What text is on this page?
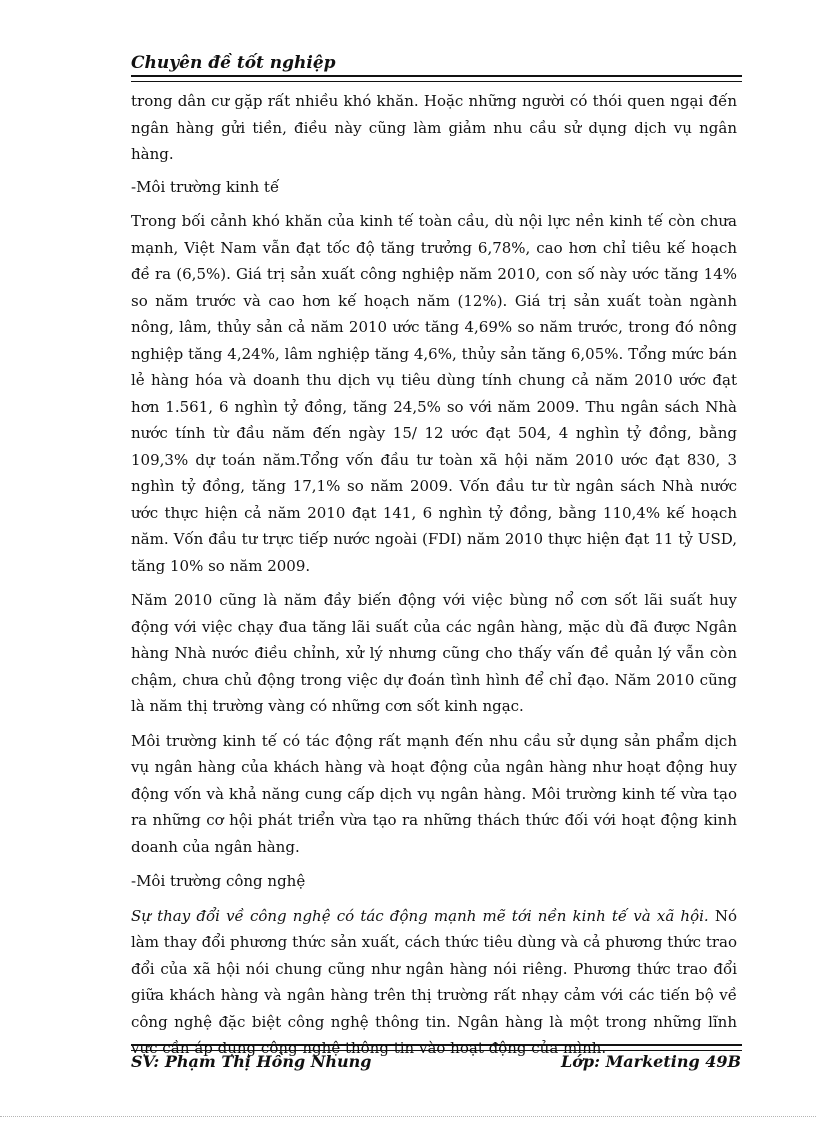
Chuyên đề tốt nghiệp

trong dân cư gặp rất nhiều khó khăn. Hoặc những người có thói quen ngại đến ngân hàng gửi tiền, điều này cũng làm giảm nhu cầu sử dụng dịch vụ ngân hàng.

-Môi trường kinh tế

Trong bối cảnh khó khăn của kinh tế toàn cầu, dù nội lực nền kinh tế còn chưa mạnh, Việt Nam vẫn đạt tốc độ tăng trưởng 6,78%, cao hơn chỉ tiêu kế hoạch đề ra (6,5%). Giá trị sản xuất công nghiệp năm 2010, con số này ước tăng 14% so năm trước và cao hơn kế hoạch năm (12%). Giá trị sản xuất toàn ngành nông, lâm, thủy sản cả năm 2010 ước tăng 4,69% so năm trước, trong đó nông nghiệp tăng 4,24%, lâm nghiệp tăng 4,6%, thủy sản tăng 6,05%. Tổng mức bán lẻ hàng hóa và doanh thu dịch vụ tiêu dùng tính chung cả năm 2010 ước đạt hơn 1.561, 6 nghìn tỷ đồng, tăng 24,5% so với năm 2009. Thu ngân sách Nhà nước tính từ đầu năm đến ngày 15/ 12 ước đạt 504, 4 nghìn tỷ đồng, bằng 109,3% dự toán năm.Tổng vốn đầu tư toàn xã hội năm 2010 ước đạt 830, 3 nghìn tỷ đồng, tăng 17,1% so năm 2009. Vốn đầu tư từ ngân sách Nhà nước ước thực hiện cả năm 2010 đạt 141, 6 nghìn tỷ đồng, bằng 110,4% kế hoạch năm. Vốn đầu tư trực tiếp nước ngoài (FDI) năm 2010 thực hiện đạt 11 tỷ USD, tăng 10% so năm 2009.

Năm 2010 cũng là năm đầy biến động với việc bùng nổ cơn sốt lãi suất huy động với việc chạy đua tăng lãi suất của các ngân hàng, mặc dù đã được Ngân hàng Nhà nước điều chỉnh, xử lý nhưng cũng cho thấy vấn đề quản lý vẫn còn chậm, chưa chủ động trong việc dự đoán tình hình để chỉ đạo. Năm 2010 cũng là năm thị trường vàng có những cơn sốt kinh ngạc.

Môi trường kinh tế có tác động rất mạnh đến nhu cầu sử dụng sản phẩm dịch vụ ngân hàng của khách hàng và hoạt động của ngân hàng như hoạt động huy động vốn và khả năng cung cấp dịch vụ ngân hàng. Môi trường kinh tế vừa tạo ra những cơ hội phát triển vừa tạo ra những thách thức đối với hoạt động kinh doanh của ngân hàng.

-Môi trường công nghệ

Sự thay đổi về công nghệ có tác động mạnh mẽ tới nền kinh tế và xã hội. Nó làm thay đổi phương thức sản xuất, cách thức tiêu dùng và cả phương thức trao đổi của xã hội nói chung cũng như ngân hàng nói riêng. Phương thức trao đổi giữa khách hàng và ngân hàng trên thị trường rất nhạy cảm với các tiến bộ về công nghệ đặc biệt công nghệ thông tin. Ngân hàng là một trong những lĩnh vực cần áp dụng công nghệ thông tin vào hoạt động của mình.

SV: Phạm Thị Hồng Nhung	Lớp: Marketing 49B
